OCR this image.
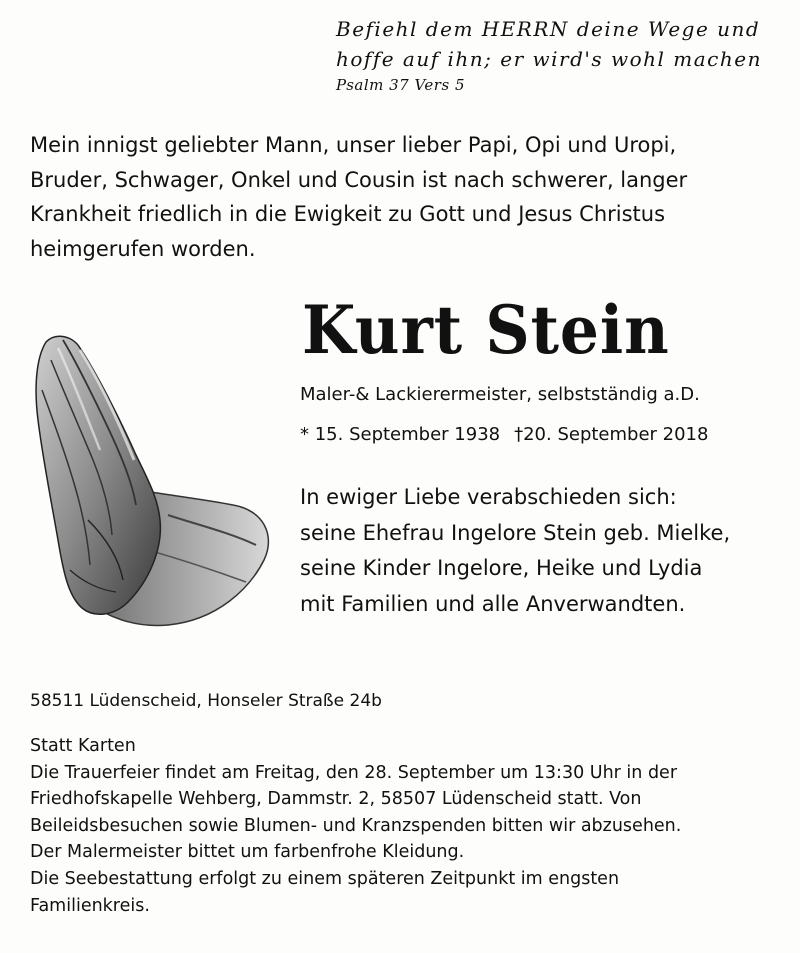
Befiehl dem HERRN deine Wege und
hoffe auf ihn; er wird's wohl machen
Psalm 37 Vers 5
Mein innigst geliebter Mann, unser lieber Papi, Opi und Uropi,
Bruder, Schwager, Onkel und Cousin ist nach schwerer, langer
Krankheit friedlich in die Ewigkeit zu Gott und Jesus Christus
heimgerufen worden.
Kurt Stein
Maler-& Lackierermeister, selbstständig a.D.
* 15. September 1938 †20. September 2018
In ewiger Liebe verabschieden sich:
seine Ehefrau Ingelore Stein geb. Mielke,
seine Kinder Ingelore, Heike und Lydia
mit Familien und alle Anverwandten.
58511 Lüdenscheid, Honseler Straße 24b
Statt Karten
Die Trauerfeier findet am Freitag, den 28. September um 13:30 Uhr in der
Friedhofskapelle Wehberg, Dammstr. 2, 58507 Lüdenscheid statt. Von
Beileidsbesuchen sowie Blumen- und Kranzspenden bitten wir abzusehen.
Der Malermeister bittet um farbenfrohe Kleidung.
Die Seebestattung erfolgt zu einem späteren Zeitpunkt im engsten
Familienkreis.
